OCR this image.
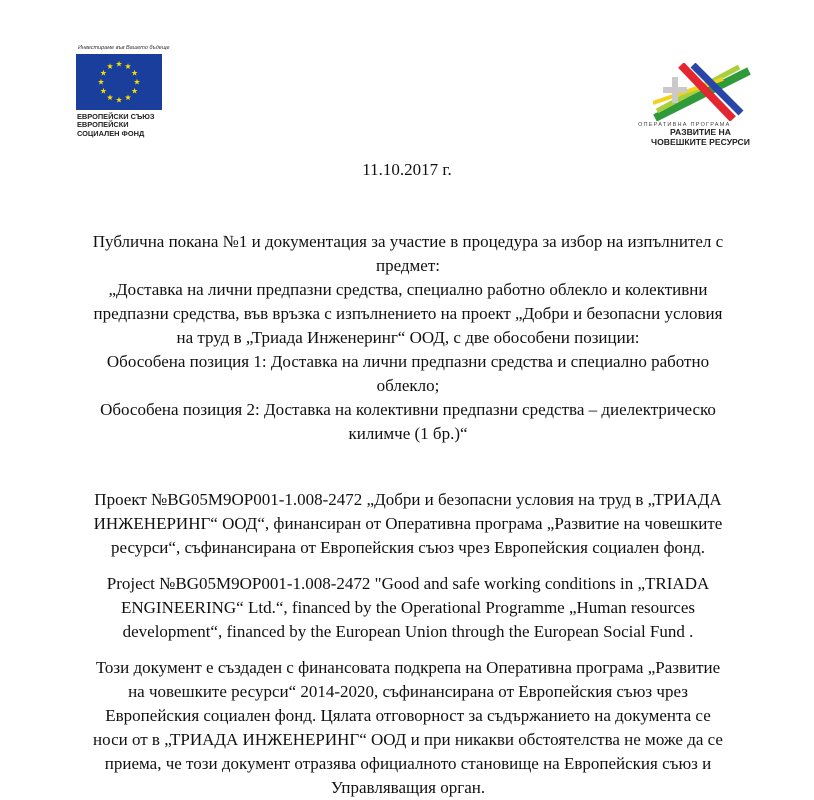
Инвестираме във Вашето бъдеще
ЕВРОПЕЙСКИ СЪЮЗ
ЕВРОПЕЙСКИ
СОЦИАЛЕН ФОНД
ОПЕРАТИВНА ПРОГРАМА
РАЗВИТИЕ НА
ЧОВЕШКИТЕ РЕСУРСИ
11.10.2017 г.

Публична покана №1 и документация за участие в процедура за избор на изпълнител с
предмет:
„Доставка на лични предпазни средства, специално работно облекло и колективни
предпазни средства, във връзка с изпълнението на проект „Добри и безопасни условия
на труд в „Триада Инженеринг“ ООД, с две обособени позиции:
Обособена позиция 1: Доставка на лични предпазни средства и специално работно
облекло;
Обособена позиция 2: Доставка на колективни предпазни средства – диелектрическо
килимче (1 бр.)“

Проект №BG05M9OP001-1.008-2472 „Добри и безопасни условия на труд в „ТРИАДА
ИНЖЕНЕРИНГ“ ООД“, финансиран от Оперативна програма „Развитие на човешките
ресурси“, съфинансирана от Европейския съюз чрез Европейския социален фонд.

Project №BG05M9OP001-1.008-2472 "Good and safe working conditions in „TRIADA
ENGINEERING“ Ltd.“, financed by the Operational Programme „Human resources
development“, financed by the European Union through the European Social Fund .

Този документ е създаден с финансовата подкрепа на Оперативна програма „Развитие
на човешките ресурси“ 2014-2020, съфинансирана от Европейския съюз чрез
Европейския социален фонд. Цялата отговорност за съдържанието на документа се
носи от в „ТРИАДА ИНЖЕНЕРИНГ“ ООД и при никакви обстоятелства не може да се
приема, че този документ отразява официалното становище на Европейския съюз и
Управляващия орган.
